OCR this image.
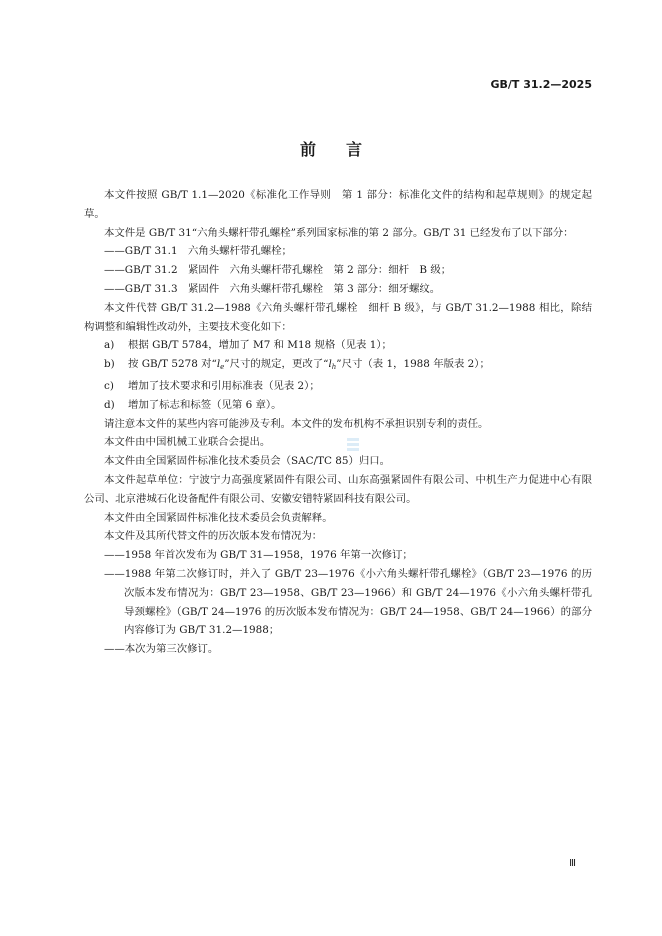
GB/T 31.2—2025
前言

本文件按照 GB/T 1.1—2020《标准化工作导则　第 1 部分：标准化文件的结构和起草规则》的规定起草。

本文件是 GB/T 31“六角头螺杆带孔螺栓”系列国家标准的第 2 部分。GB/T 31 已经发布了以下部分：

——GB/T 31.1　六角头螺杆带孔螺栓；

——GB/T 31.2　紧固件　六角头螺杆带孔螺栓　第 2 部分：细杆　B 级；

——GB/T 31.3　紧固件　六角头螺杆带孔螺栓　第 3 部分：细牙螺纹。

本文件代替 GB/T 31.2—1988《六角头螺杆带孔螺栓　细杆 B 级》，与 GB/T 31.2—1988 相比，除结构调整和编辑性改动外，主要技术变化如下：

a) 根据 GB/T 5784，增加了 M7 和 M18 规格（见表 1）；

b) 按 GB/T 5278 对“$l_e$”尺寸的规定，更改了“$l_h$”尺寸（表 1，1988 年版表 2）；

c) 增加了技术要求和引用标准表（见表 2）；

d) 增加了标志和标签（见第 6 章）。

请注意本文件的某些内容可能涉及专利。本文件的发布机构不承担识别专利的责任。

本文件由中国机械工业联合会提出。

本文件由全国紧固件标准化技术委员会（SAC/TC 85）归口。

本文件起草单位：宁波宁力高强度紧固件有限公司、山东高强紧固件有限公司、中机生产力促进中心有限公司、北京港城石化设备配件有限公司、安徽安错特紧固科技有限公司。

本文件由全国紧固件标准化技术委员会负责解释。

本文件及其所代替文件的历次版本发布情况为：

——1958 年首次发布为 GB/T 31—1958，1976 年第一次修订；

——1988 年第二次修订时，并入了 GB/T 23—1976《小六角头螺杆带孔螺栓》（GB/T 23—1976 的历次版本发布情况为：GB/T 23—1958、GB/T 23—1966）和 GB/T 24—1976《小六角头螺杆带孔导颈螺栓》（GB/T 24—1976 的历次版本发布情况为：GB/T 24—1958、GB/T 24—1966）的部分内容修订为 GB/T 31.2—1988；

——本次为第三次修订。

Ⅲ
